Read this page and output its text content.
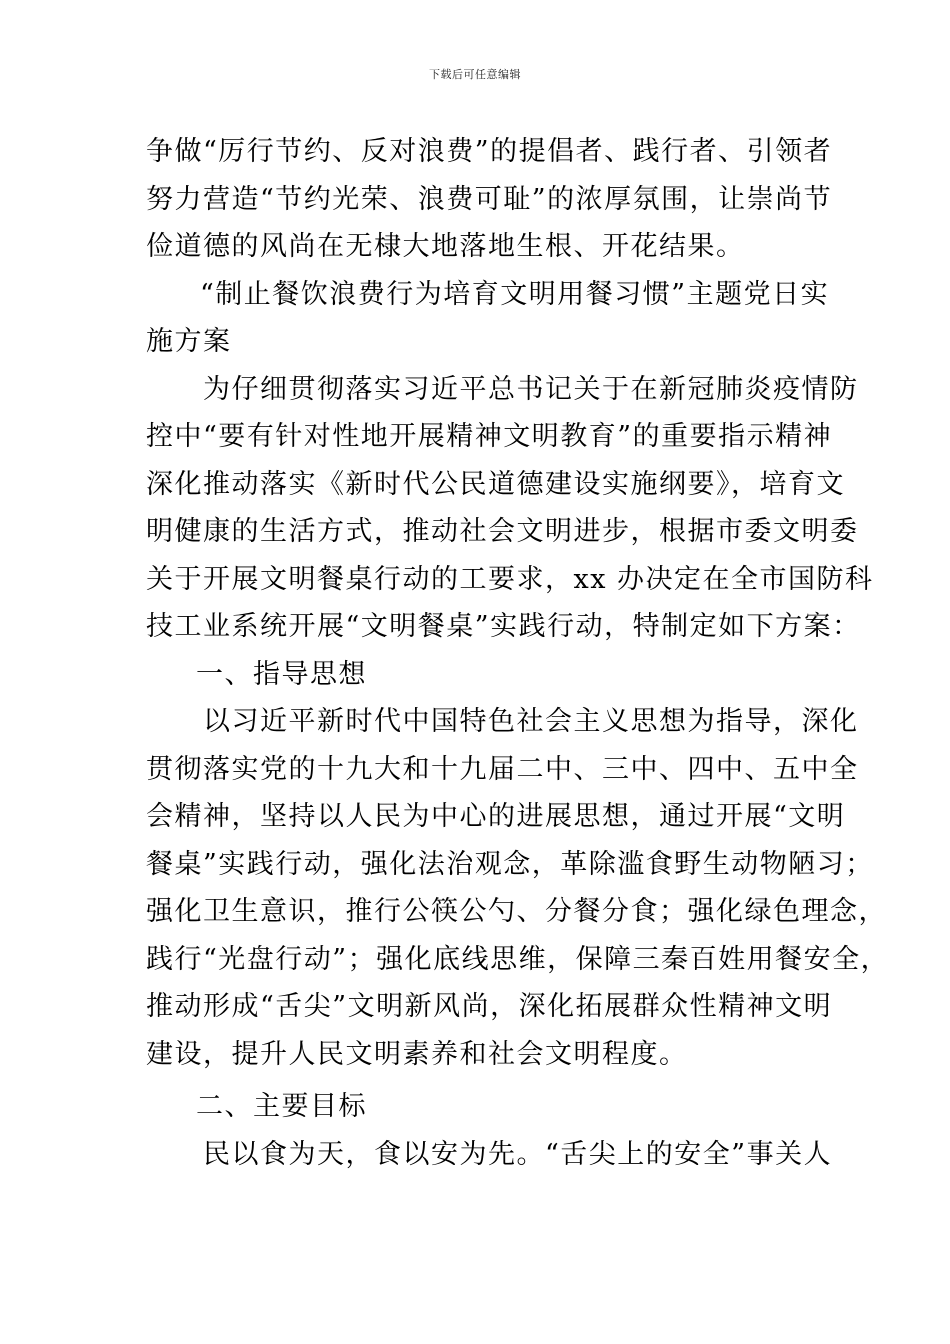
下载后可任意编辑
争做“厉行节约、反对浪费”的提倡者、践行者、引领者
努力营造“节约光荣、浪费可耻”的浓厚氛围，让崇尚节
俭道德的风尚在无棣大地落地生根、开花结果。
“制止餐饮浪费行为培育文明用餐习惯”主题党日实
施方案
为仔细贯彻落实习近平总书记关于在新冠肺炎疫情防
控中“要有针对性地开展精神文明教育”的重要指示精神
深化推动落实《新时代公民道德建设实施纲要》，培育文
明健康的生活方式，推动社会文明进步，根据市委文明委
关于开展文明餐桌行动的工要求，xx 办决定在全市国防科
技工业系统开展“文明餐桌”实践行动，特制定如下方案：
一、指导思想
以习近平新时代中国特色社会主义思想为指导，深化
贯彻落实党的十九大和十九届二中、三中、四中、五中全
会精神，坚持以人民为中心的进展思想，通过开展“文明
餐桌”实践行动，强化法治观念，革除滥食野生动物陋习；
强化卫生意识，推行公筷公勺、分餐分食；强化绿色理念，
践行“光盘行动”；强化底线思维，保障三秦百姓用餐安全，
推动形成“舌尖”文明新风尚，深化拓展群众性精神文明
建设，提升人民文明素养和社会文明程度。
二、主要目标
民以食为天，食以安为先。“舌尖上的安全”事关人
